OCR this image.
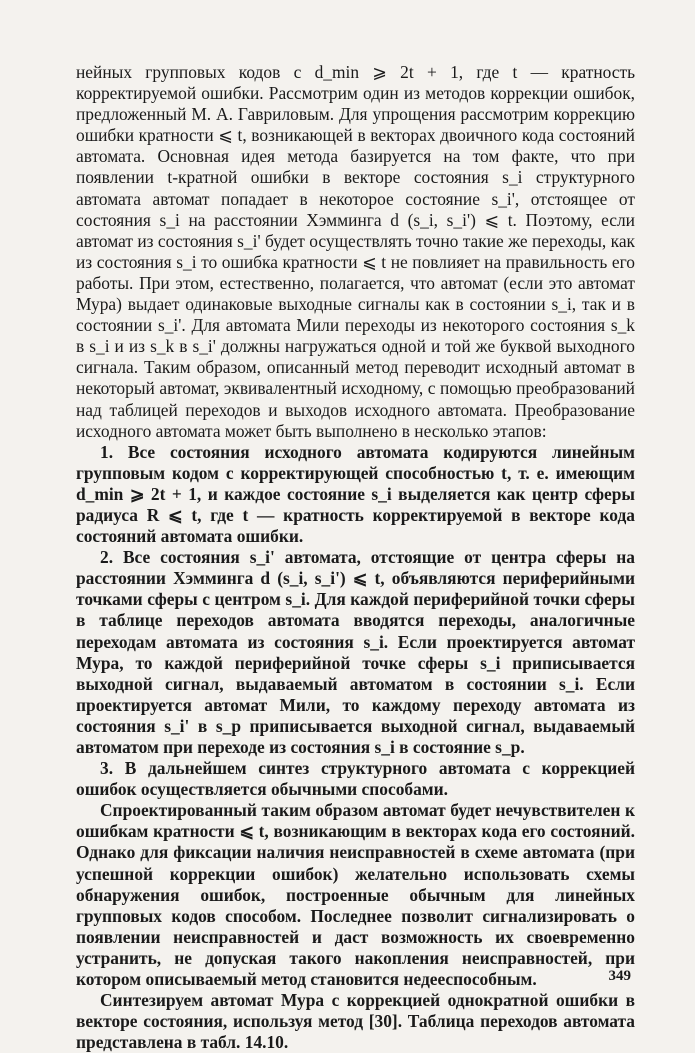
нейных групповых кодов с d_min ⩾ 2t + 1, где t — кратность корректируемой ошибки. Рассмотрим один из методов коррекции ошибок, предложенный М. А. Гавриловым. Для упрощения рассмотрим коррекцию ошибки кратности ⩽ t, возникающей в векторах двоичного кода состояний автомата. Основная идея метода базируется на том факте, что при появлении t-кратной ошибки в векторе состояния s_i структурного автомата автомат попадает в некоторое состояние s_i', отстоящее от состояния s_i на расстоянии Хэмминга d (s_i, s_i') ⩽ t. Поэтому, если автомат из состояния s_i' будет осуществлять точно такие же переходы, как из состояния s_i то ошибка кратности ⩽ t не повлияет на правильность его работы. При этом, естественно, полагается, что автомат (если это автомат Мура) выдает одинаковые выходные сигналы как в состоянии s_i, так и в состоянии s_i'. Для автомата Мили переходы из некоторого состояния s_k в s_i и из s_k в s_i' должны нагружаться одной и той же буквой выходного сигнала. Таким образом, описанный метод переводит исходный автомат в некоторый автомат, эквивалентный исходному, с помощью преобразований над таблицей переходов и выходов исходного автомата. Преобразование исходного автомата может быть выполнено в несколько этапов:

1. Все состояния исходного автомата кодируются линейным групповым кодом с корректирующей способностью t, т. е. имеющим d_min ⩾ 2t + 1, и каждое состояние s_i выделяется как центр сферы радиуса R ⩽ t, где t — кратность корректируемой в векторе кода состояний автомата ошибки.

2. Все состояния s_i' автомата, отстоящие от центра сферы на расстоянии Хэмминга d (s_i, s_i') ⩽ t, объявляются периферийными точками сферы с центром s_i. Для каждой периферийной точки сферы в таблице переходов автомата вводятся переходы, аналогичные переходам автомата из состояния s_i. Если проектируется автомат Мура, то каждой периферийной точке сферы s_i приписывается выходной сигнал, выдаваемый автоматом в состоянии s_i. Если проектируется автомат Мили, то каждому переходу автомата из состояния s_i' в s_p приписывается выходной сигнал, выдаваемый автоматом при переходе из состояния s_i в состояние s_p.

3. В дальнейшем синтез структурного автомата с коррекцией ошибок осуществляется обычными способами.

Спроектированный таким образом автомат будет нечувствителен к ошибкам кратности ⩽ t, возникающим в векторах кода его состояний. Однако для фиксации наличия неисправностей в схеме автомата (при успешной коррекции ошибок) желательно использовать схемы обнаружения ошибок, построенные обычным для линейных групповых кодов способом. Последнее позволит сигнализировать о появлении неисправностей и даст возможность их своевременно устранить, не допуская такого накопления неисправностей, при котором описываемый метод становится недееспособным.

Синтезируем автомат Мура с коррекцией однократной ошибки в векторе состояния, используя метод [30]. Таблица переходов автомата представлена в табл. 14.10.

349
